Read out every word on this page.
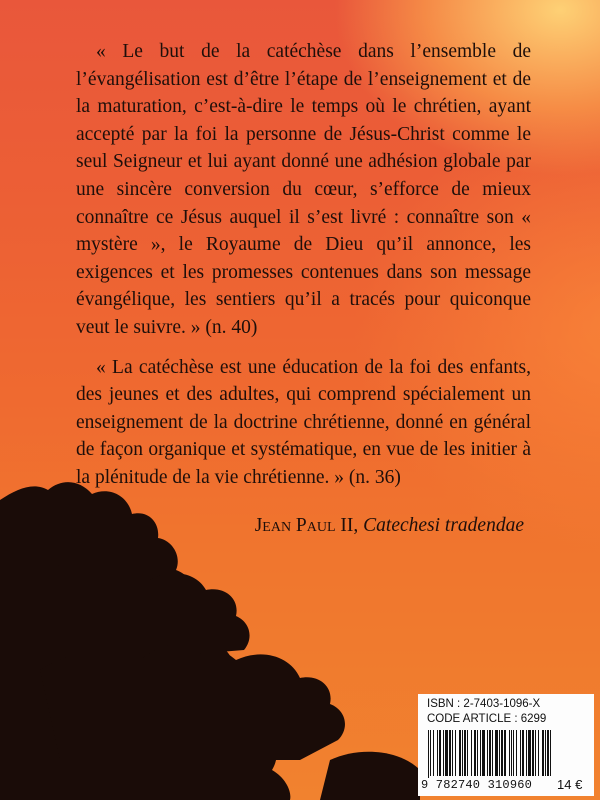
« Le but de la catéchèse dans l’ensemble de l’évangélisation est d’être l’étape de l’enseignement et de la maturation, c’est-à-dire le temps où le chrétien, ayant accepté par la foi la personne de Jésus-Christ comme le seul Seigneur et lui ayant donné une adhésion globale par une sincère conversion du cœur, s’efforce de mieux connaître ce Jésus auquel il s’est livré : connaître son « mystère », le Royaume de Dieu qu’il annonce, les exigences et les promesses contenues dans son message évangélique, les sentiers qu’il a tracés pour quiconque veut le suivre. » (n. 40)

« La catéchèse est une éducation de la foi des enfants, des jeunes et des adultes, qui comprend spécialement un enseignement de la doctrine chrétienne, donné en général de façon organique et systématique, en vue de les initier à la plénitude de la vie chrétienne. » (n. 36)

Jean Paul II, Catechesi tradendae
ISBN : 2-7403-1096-X
CODE ARTICLE : 6299
9 782740 310960 14 €
